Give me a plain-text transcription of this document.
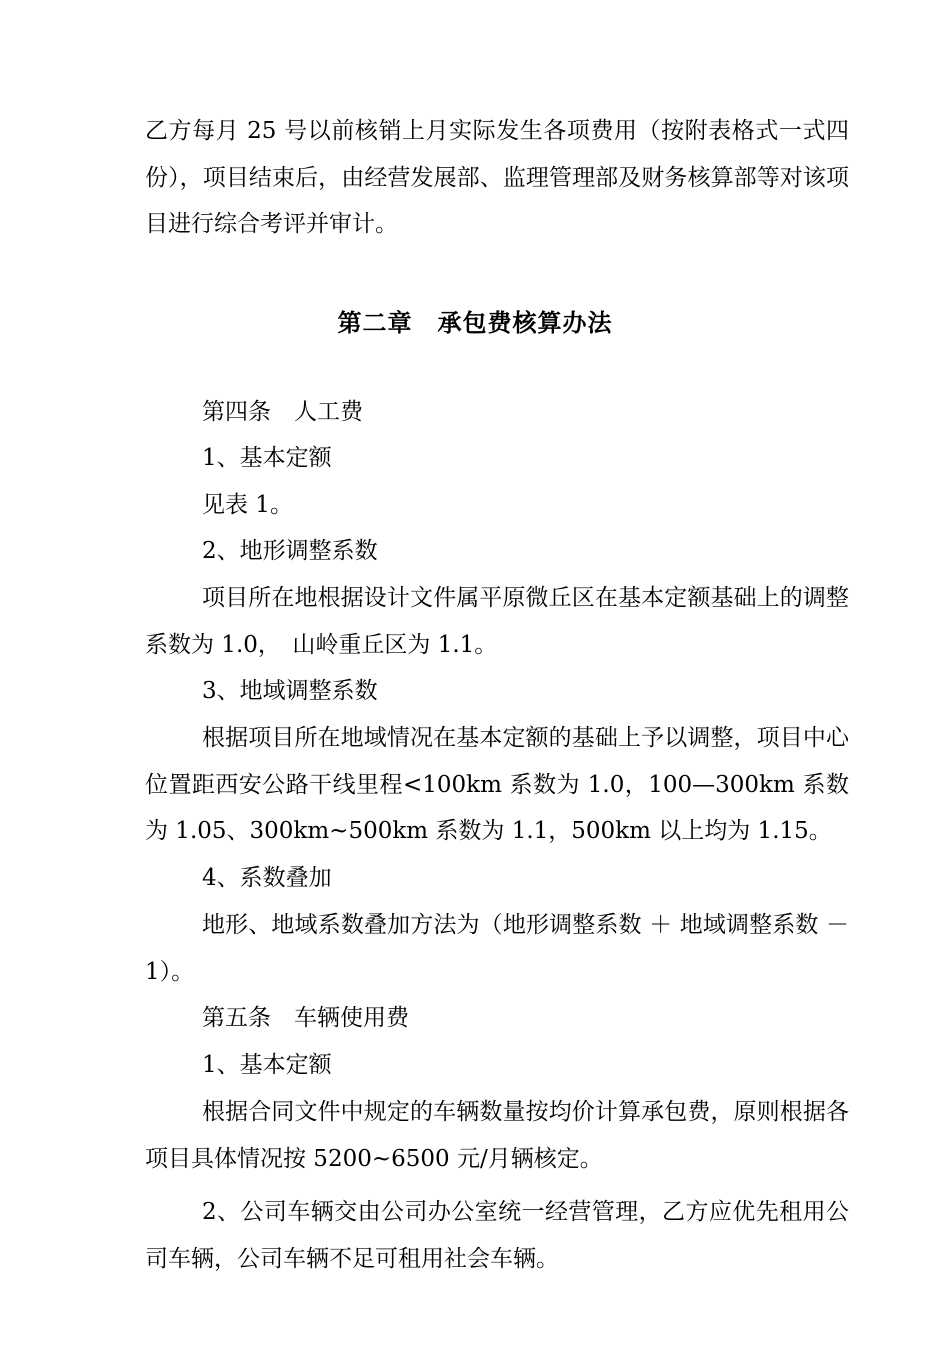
乙方每月 25 号以前核销上月实际发生各项费用（按附表格式一式四份），项目结束后，由经营发展部、监理管理部及财务核算部等对该项目进行综合考评并审计。
第二章　承包费核算办法
第四条　人工费
1、基本定额
见表 1。
2、地形调整系数
项目所在地根据设计文件属平原微丘区在基本定额基础上的调整系数为 1.0，　山岭重丘区为 1.1。
3、地域调整系数
根据项目所在地域情况在基本定额的基础上予以调整，项目中心位置距西安公路干线里程<100km 系数为 1.0，100—300km 系数为 1.05、300km~500km 系数为 1.1，500km 以上均为 1.15。
4、系数叠加
地形、地域系数叠加方法为（地形调整系数 ＋ 地域调整系数 －1）。
第五条　车辆使用费
1、基本定额
根据合同文件中规定的车辆数量按均价计算承包费，原则根据各项目具体情况按 5200~6500 元/月辆核定。
2、公司车辆交由公司办公室统一经营管理，乙方应优先租用公司车辆，公司车辆不足可租用社会车辆。
